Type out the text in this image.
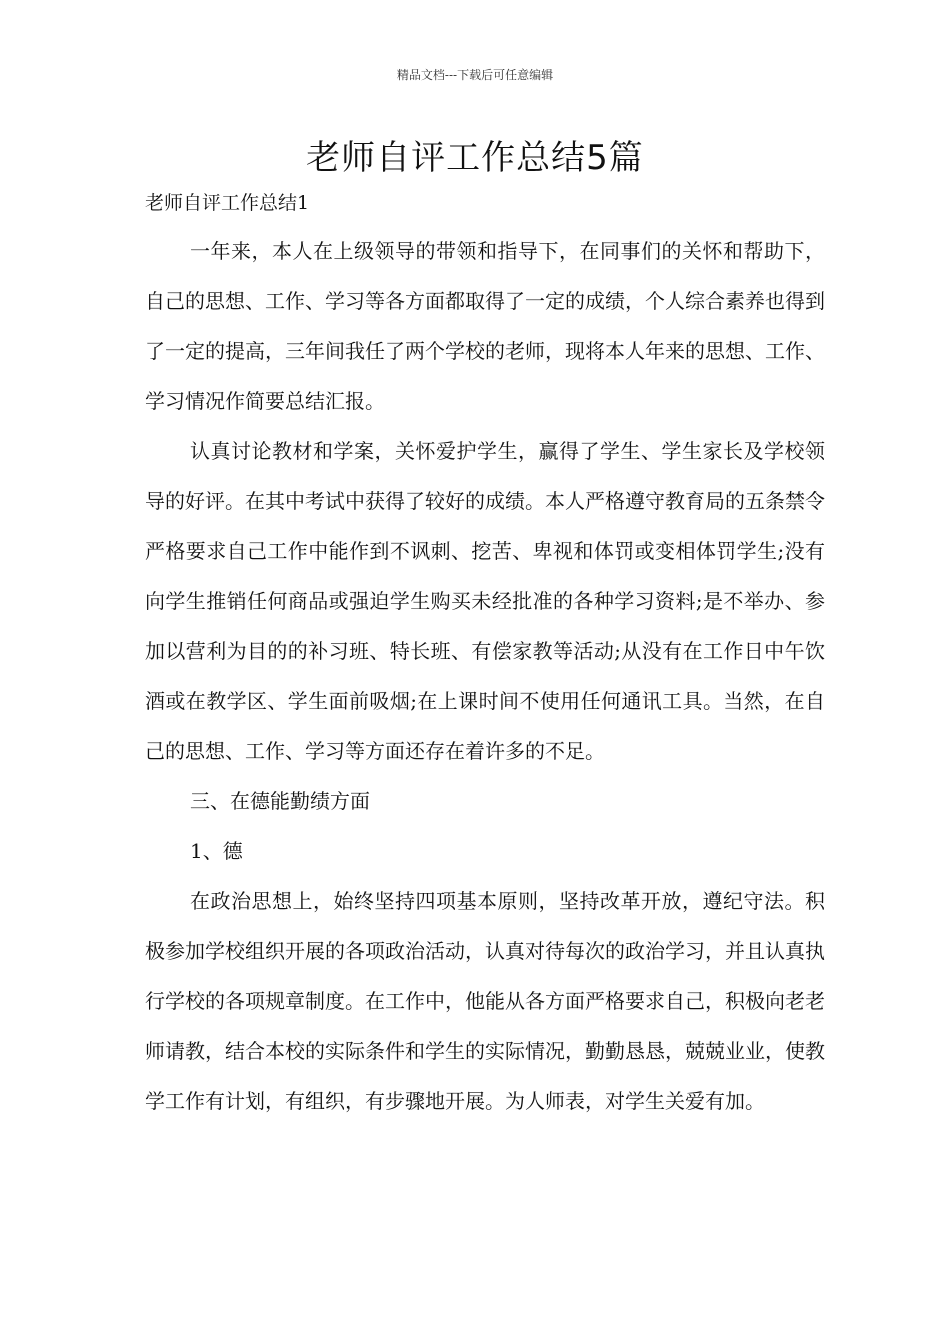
精品文档---下载后可任意编辑
老师自评工作总结5篇
老师自评工作总结1

一年来，本人在上级领导的带领和指导下，在同事们的关怀和帮助下，自己的思想、工作、学习等各方面都取得了一定的成绩，个人综合素养也得到了一定的提高，三年间我任了两个学校的老师，现将本人年来的思想、工作、学习情况作简要总结汇报。

认真讨论教材和学案，关怀爱护学生，赢得了学生、学生家长及学校领导的好评。在其中考试中获得了较好的成绩。本人严格遵守教育局的五条禁令严格要求自己工作中能作到不讽刺、挖苦、卑视和体罚或变相体罚学生;没有向学生推销任何商品或强迫学生购买未经批准的各种学习资料;是不举办、参加以营利为目的的补习班、特长班、有偿家教等活动;从没有在工作日中午饮酒或在教学区、学生面前吸烟;在上课时间不使用任何通讯工具。当然，在自己的思想、工作、学习等方面还存在着许多的不足。

三、在德能勤绩方面

1、德

在政治思想上，始终坚持四项基本原则，坚持改革开放，遵纪守法。积极参加学校组织开展的各项政治活动，认真对待每次的政治学习，并且认真执行学校的各项规章制度。在工作中，他能从各方面严格要求自己，积极向老老师请教，结合本校的实际条件和学生的实际情况，勤勤恳恳，兢兢业业，使教学工作有计划，有组织，有步骤地开展。为人师表，对学生关爱有加。
